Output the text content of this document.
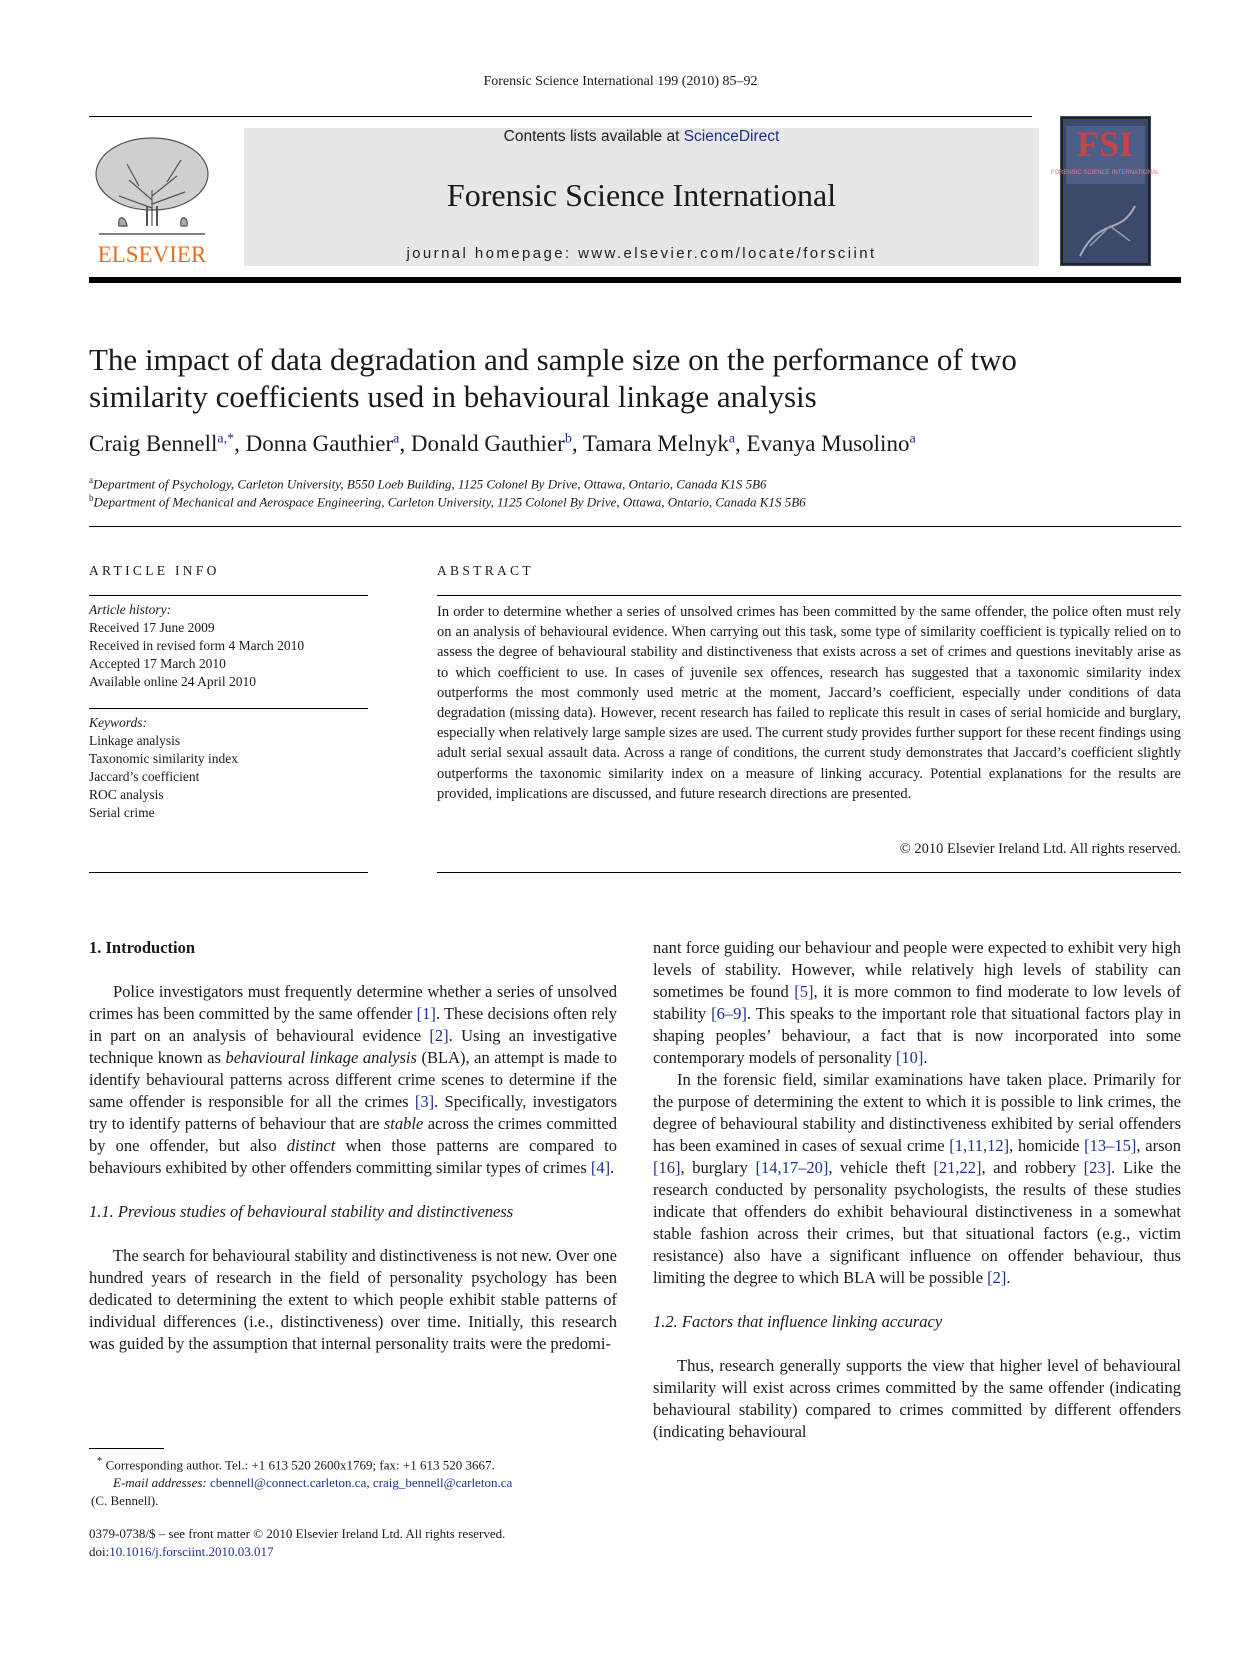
Forensic Science International 199 (2010) 85–92
ELSEVIER
Contents lists available at ScienceDirect
Forensic Science International
journal homepage: www.elsevier.com/locate/forsciint
FSI
FORENSIC SCIENCE INTERNATIONAL
The impact of data degradation and sample size on the performance of two
similarity coefficients used in behavioural linkage analysis
Craig Bennell$^{a,*}$, Donna Gauthier$^a$, Donald Gauthier$^b$, Tamara Melnyk$^a$, Evanya Musolino$^a$
$^a$Department of Psychology, Carleton University, B550 Loeb Building, 1125 Colonel By Drive, Ottawa, Ontario, Canada K1S 5B6
$^b$Department of Mechanical and Aerospace Engineering, Carleton University, 1125 Colonel By Drive, Ottawa, Ontario, Canada K1S 5B6
ARTICLE INFO
Article history:
Received 17 June 2009
Received in revised form 4 March 2010
Accepted 17 March 2010
Available online 24 April 2010
Keywords:
Linkage analysis
Taxonomic similarity index
Jaccard’s coefficient
ROC analysis
Serial crime
ABSTRACT
In order to determine whether a series of unsolved crimes has been committed by the same offender, the police often must rely on an analysis of behavioural evidence. When carrying out this task, some type of similarity coefficient is typically relied on to assess the degree of behavioural stability and distinctiveness that exists across a set of crimes and questions inevitably arise as to which coefficient to use. In cases of juvenile sex offences, research has suggested that a taxonomic similarity index outperforms the most commonly used metric at the moment, Jaccard’s coefficient, especially under conditions of data degradation (missing data). However, recent research has failed to replicate this result in cases of serial homicide and burglary, especially when relatively large sample sizes are used. The current study provides further support for these recent findings using adult serial sexual assault data. Across a range of conditions, the current study demonstrates that Jaccard’s coefficient slightly outperforms the taxonomic similarity index on a measure of linking accuracy. Potential explanations for the results are provided, implications are discussed, and future research directions are presented.
© 2010 Elsevier Ireland Ltd. All rights reserved.

1. Introduction

Police investigators must frequently determine whether a series of unsolved crimes has been committed by the same offender [1]. These decisions often rely in part on an analysis of behavioural evidence [2]. Using an investigative technique known as behavioural linkage analysis (BLA), an attempt is made to identify behavioural patterns across different crime scenes to determine if the same offender is responsible for all the crimes [3]. Specifically, investigators try to identify patterns of behaviour that are stable across the crimes committed by one offender, but also distinct when those patterns are compared to behaviours exhibited by other offenders committing similar types of crimes [4].

1.1. Previous studies of behavioural stability and distinctiveness

The search for behavioural stability and distinctiveness is not new. Over one hundred years of research in the field of personality psychology has been dedicated to determining the extent to which people exhibit stable patterns of individual differences (i.e., distinctiveness) over time. Initially, this research was guided by the assumption that internal personality traits were the predomi-

nant force guiding our behaviour and people were expected to exhibit very high levels of stability. However, while relatively high levels of stability can sometimes be found [5], it is more common to find moderate to low levels of stability [6–9]. This speaks to the important role that situational factors play in shaping peoples’ behaviour, a fact that is now incorporated into some contemporary models of personality [10].

In the forensic field, similar examinations have taken place. Primarily for the purpose of determining the extent to which it is possible to link crimes, the degree of behavioural stability and distinctiveness exhibited by serial offenders has been examined in cases of sexual crime [1,11,12], homicide [13–15], arson [16], burglary [14,17–20], vehicle theft [21,22], and robbery [23]. Like the research conducted by personality psychologists, the results of these studies indicate that offenders do exhibit behavioural distinctiveness in a somewhat stable fashion across their crimes, but that situational factors (e.g., victim resistance) also have a significant influence on offender behaviour, thus limiting the degree to which BLA will be possible [2].

1.2. Factors that influence linking accuracy

Thus, research generally supports the view that higher level of behavioural similarity will exist across crimes committed by the same offender (indicating behavioural stability) compared to crimes committed by different offenders (indicating behavioural

* Corresponding author. Tel.: +1 613 520 2600x1769; fax: +1 613 520 3667.
E-mail addresses: cbennell@connect.carleton.ca, craig_bennell@carleton.ca
(C. Bennell).
0379-0738/$ – see front matter © 2010 Elsevier Ireland Ltd. All rights reserved.
doi:10.1016/j.forsciint.2010.03.017
